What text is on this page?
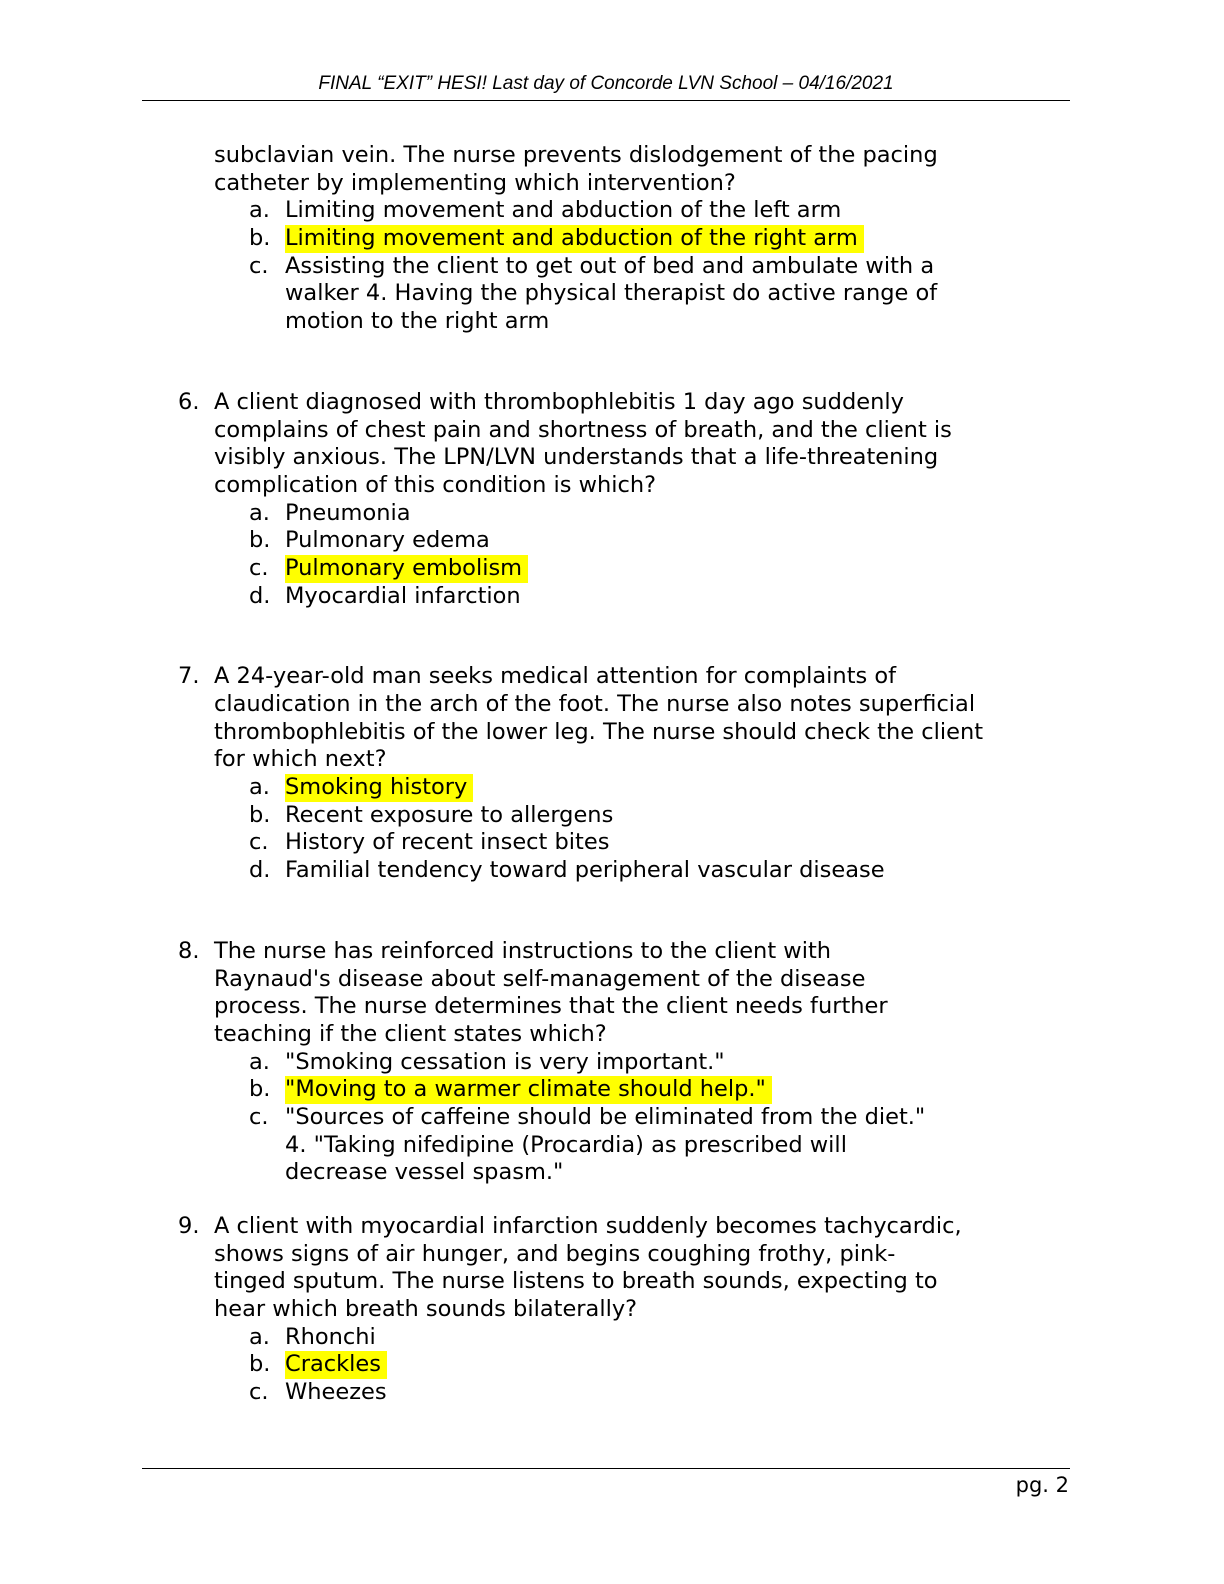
FINAL “EXIT” HESI! Last day of Concorde LVN School – 04/16/2021
subclavian vein. The nurse prevents dislodgement of the pacing
catheter by implementing which intervention?
a. Limiting movement and abduction of the left arm
b. Limiting movement and abduction of the right arm
c. Assisting the client to get out of bed and ambulate with a
walker 4. Having the physical therapist do active range of
motion to the right arm
6. A client diagnosed with thrombophlebitis 1 day ago suddenly
complains of chest pain and shortness of breath, and the client is
visibly anxious. The LPN/LVN understands that a life-threatening
complication of this condition is which?
a. Pneumonia
b. Pulmonary edema
c. Pulmonary embolism
d. Myocardial infarction
7. A 24-year-old man seeks medical attention for complaints of
claudication in the arch of the foot. The nurse also notes superficial
thrombophlebitis of the lower leg. The nurse should check the client
for which next?
a. Smoking history
b. Recent exposure to allergens
c. History of recent insect bites
d. Familial tendency toward peripheral vascular disease
8. The nurse has reinforced instructions to the client with
Raynaud's disease about self-management of the disease
process. The nurse determines that the client needs further
teaching if the client states which?
a. "Smoking cessation is very important."
b. "Moving to a warmer climate should help."
c. "Sources of caffeine should be eliminated from the diet."
4. "Taking nifedipine (Procardia) as prescribed will
decrease vessel spasm."
9. A client with myocardial infarction suddenly becomes tachycardic,
shows signs of air hunger, and begins coughing frothy, pink-
tinged sputum. The nurse listens to breath sounds, expecting to
hear which breath sounds bilaterally?
a. Rhonchi
b. Crackles
c. Wheezes
pg. 2
